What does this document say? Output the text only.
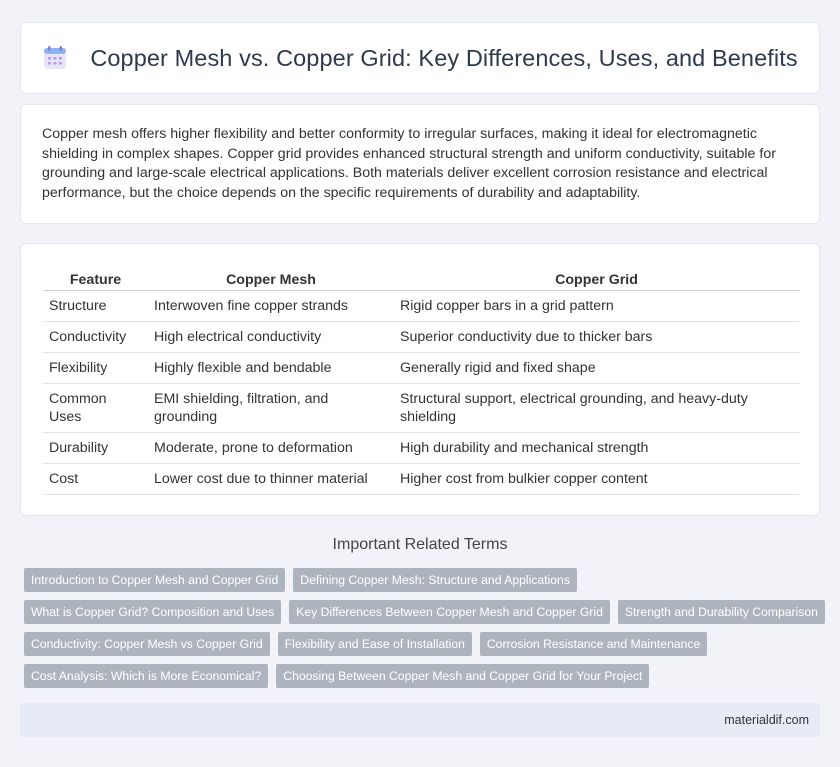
Copper Mesh vs. Copper Grid: Key Differences, Uses, and Benefits

Copper mesh offers higher flexibility and better conformity to irregular surfaces, making it ideal for electromagnetic shielding in complex shapes. Copper grid provides enhanced structural strength and uniform conductivity, suitable for grounding and large-scale electrical applications. Both materials deliver excellent corrosion resistance and electrical performance, but the choice depends on the specific requirements of durability and adaptability.

Feature	Copper Mesh	Copper Grid
Structure	Interwoven fine copper strands	Rigid copper bars in a grid pattern
Conductivity	High electrical conductivity	Superior conductivity due to thicker bars
Flexibility	Highly flexible and bendable	Generally rigid and fixed shape
Common Uses	EMI shielding, filtration, and grounding	Structural support, electrical grounding, and heavy-duty shielding
Durability	Moderate, prone to deformation	High durability and mechanical strength
Cost	Lower cost due to thinner material	Higher cost from bulkier copper content
Important Related Terms
Introduction to Copper Mesh and Copper Grid	Defining Copper Mesh: Structure and Applications
What is Copper Grid? Composition and Uses	Key Differences Between Copper Mesh and Copper Grid	Strength and Durability Comparison
Conductivity: Copper Mesh vs Copper Grid	Flexibility and Ease of Installation	Corrosion Resistance and Maintenance
Cost Analysis: Which is More Economical?	Choosing Between Copper Mesh and Copper Grid for Your Project
materialdif.com
